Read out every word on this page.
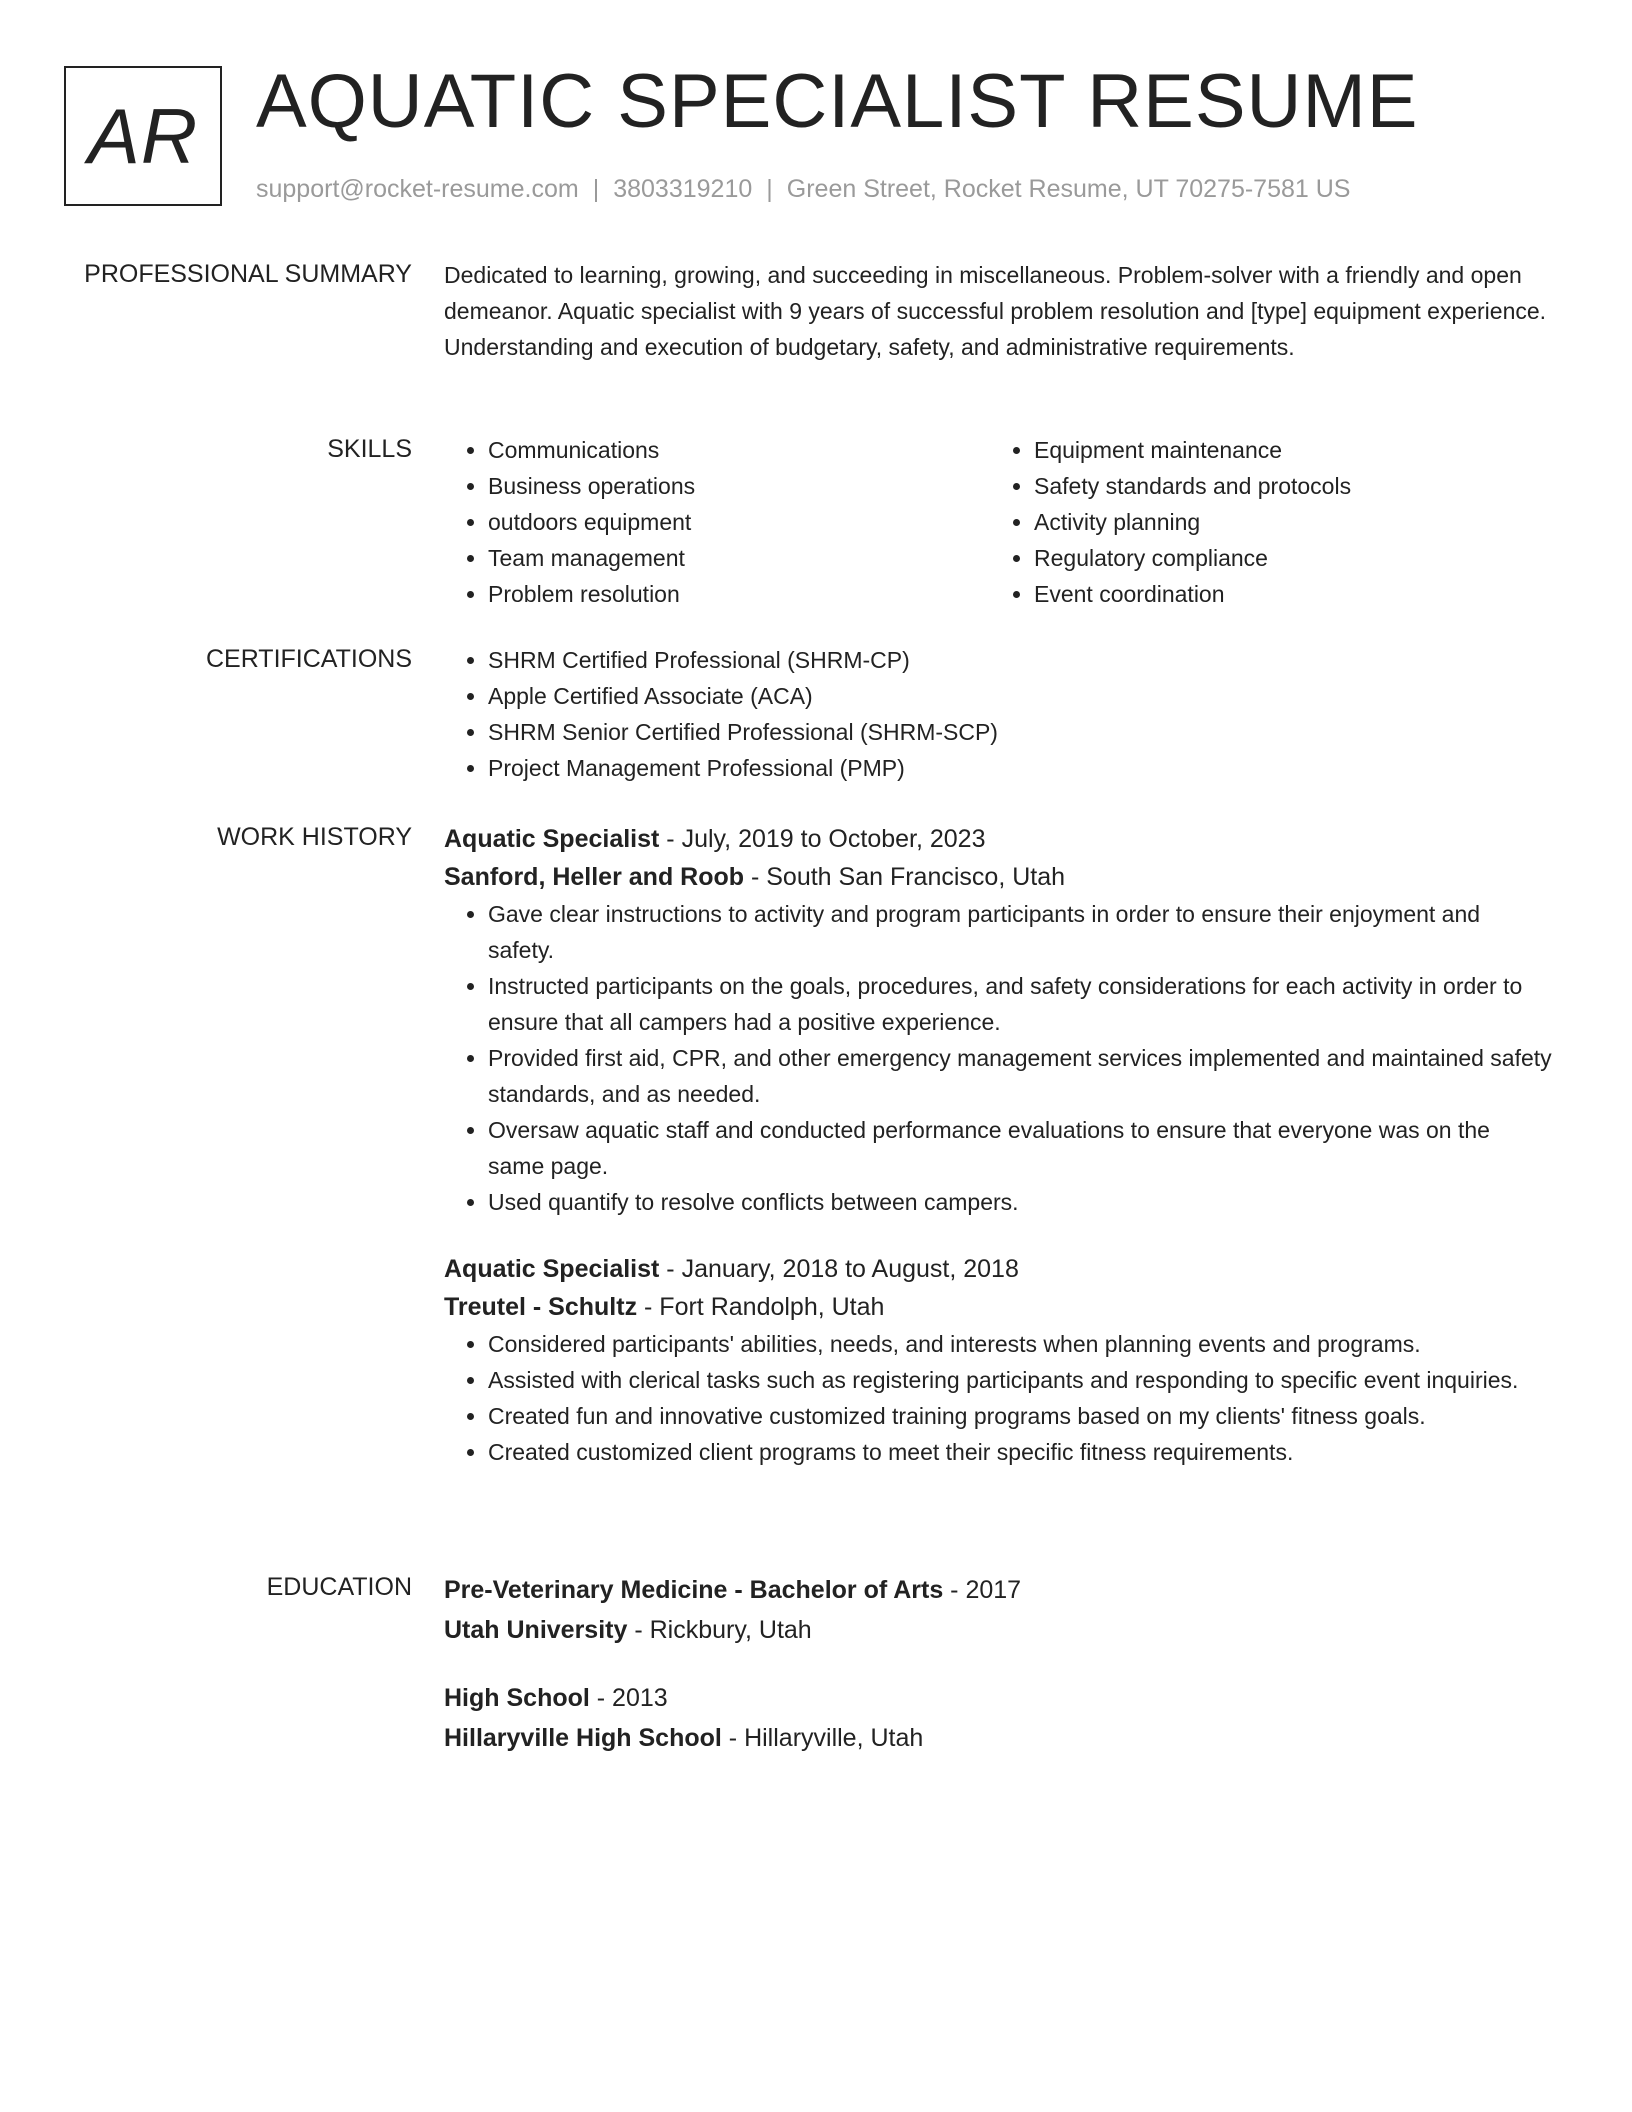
AR AQUATIC SPECIALIST RESUME
support@rocket-resume.com | 3803319210 | Green Street, Rocket Resume, UT 70275-7581 US
PROFESSIONAL SUMMARY Dedicated to learning, growing, and succeeding in miscellaneous. Problem-solver with a friendly and open demeanor. Aquatic specialist with 9 years of successful problem resolution and [type] equipment experience. Understanding and execution of budgetary, safety, and administrative requirements.
SKILLS	• Communications
• Business operations
• outdoors equipment
• Team management
• Problem resolution
• Equipment maintenance
• Safety standards and protocols
• Activity planning
• Regulatory compliance
• Event coordination
CERTIFICATIONS	• SHRM Certified Professional (SHRM-CP)
• Apple Certified Associate (ACA)
• SHRM Senior Certified Professional (SHRM-SCP)
• Project Management Professional (PMP)
WORK HISTORY Aquatic Specialist - July, 2019 to October, 2023
Sanford, Heller and Roob - South San Francisco, Utah
• Gave clear instructions to activity and program participants in order to ensure their enjoyment and safety.
• Instructed participants on the goals, procedures, and safety considerations for each activity in order to ensure that all campers had a positive experience.
• Provided first aid, CPR, and other emergency management services implemented and maintained safety standards, and as needed.
• Oversaw aquatic staff and conducted performance evaluations to ensure that everyone was on the same page.
• Used quantify to resolve conflicts between campers.
Aquatic Specialist - January, 2018 to August, 2018
Treutel - Schultz - Fort Randolph, Utah
• Considered participants' abilities, needs, and interests when planning events and programs.
• Assisted with clerical tasks such as registering participants and responding to specific event inquiries.
• Created fun and innovative customized training programs based on my clients' fitness goals.
• Created customized client programs to meet their specific fitness requirements.
EDUCATION Pre-Veterinary Medicine - Bachelor of Arts - 2017
Utah University - Rickbury, Utah
High School - 2013
Hillaryville High School - Hillaryville, Utah
